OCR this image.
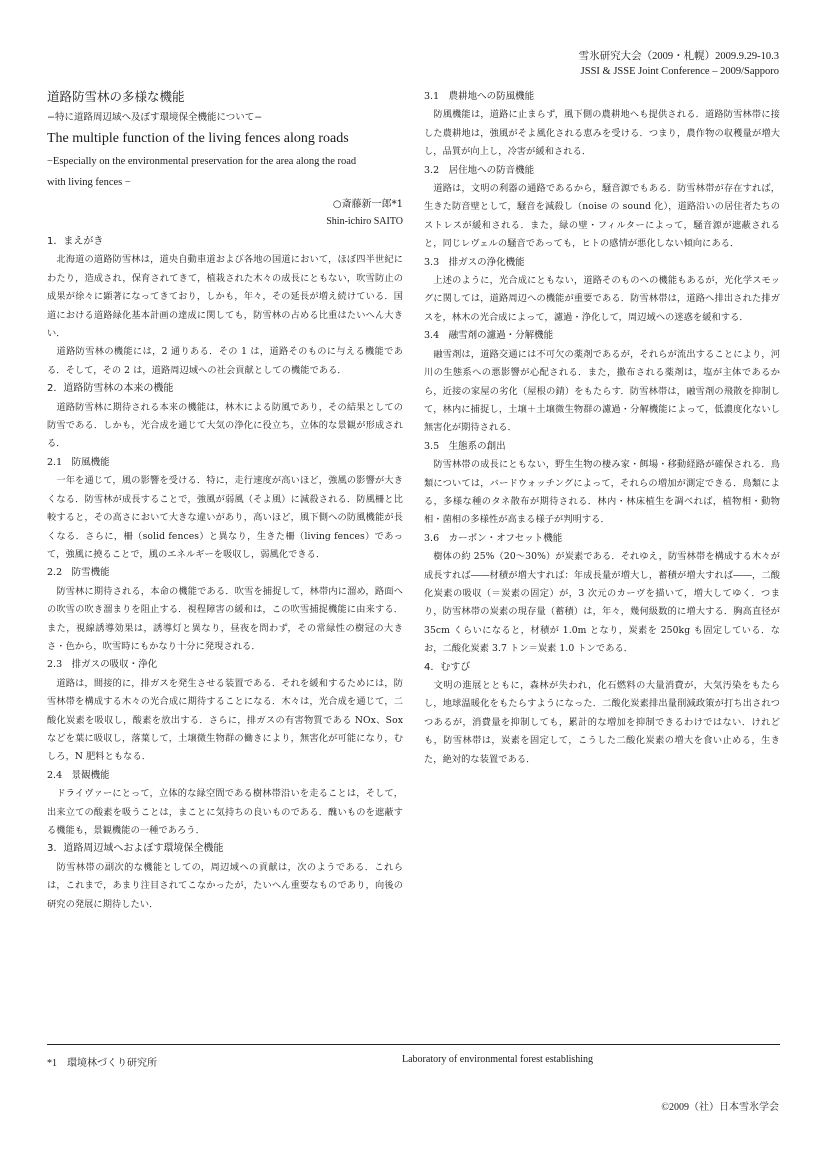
雪氷研究大会（2009・札幌）2009.9.29-10.3
JSSI & JSSE Joint Conference – 2009/Sapporo
道路防雪林の多様な機能
−特に道路周辺域へ及ぼす環境保全機能について−
The multiple function of the living fences along roads
−Especially on the environmental preservation for the area along the road
with living fences −
○斎藤新一郎*1
Shin-ichiro SAITO
1．まえがき

　北海道の道路防雪林は，道央自動車道および各地の国道において，ほぼ四半世紀にわたり，造成され，保育されてきて，植栽された木々の成長にともない，吹雪防止の成果が徐々に顕著になってきており，しかも，年々，その延長が増え続けている．国道における道路緑化基本計画の達成に関しても，防雪林の占める比重はたいへん大きい．

　道路防雪林の機能には，2 通りある．その 1 は，道路そのものに与える機能である．そして，その 2 は，道路周辺域への社会貢献としての機能である．

2．道路防雪林の本来の機能

　道路防雪林に期待される本来の機能は，林木による防風であり，その結果としての防雪である．しかも，光合成を通じて大気の浄化に役立ち，立体的な景観が形成される．

2.1　防風機能

　一年を通じて，風の影響を受ける．特に，走行速度が高いほど，強風の影響が大きくなる．防雪林が成長することで，強風が弱風（そよ風）に減殺される．防風柵と比較すると，その高さにおいて大きな違いがあり，高いほど，風下側への防風機能が長くなる．さらに，柵（solid fences）と異なり，生きた柵（living fences）であって，強風に撓ることで，風のエネルギーを吸収し，弱風化できる．

2.2　防雪機能

　防雪林に期待される，本命の機能である．吹雪を捕捉して，林帯内に溜め，路面への吹雪の吹き溜まりを阻止する．視程障害の緩和は，この吹雪捕捉機能に由来する．また，視線誘導効果は，誘導灯と異なり，昼夜を問わず，その常緑性の樹冠の大きさ・色から，吹雪時にもかなり十分に発現される．

2.3　排ガスの吸収・浄化

　道路は，間接的に，排ガスを発生させる装置である．それを緩和するためには，防雪林帯を構成する木々の光合成に期待することになる．木々は，光合成を通じて，二酸化炭素を吸収し，酸素を放出する．さらに，排ガスの有害物質である NOx、Sox などを葉に吸収し，落葉して，土壌微生物群の働きにより，無害化が可能になり，むしろ，N 肥料ともなる．

2.4　景観機能

　ドライヴァーにとって，立体的な緑空間である樹林帯沿いを走ることは，そして，出来立ての酸素を吸うことは，まことに気持ちの良いものである．醜いものを遮蔽する機能も，景観機能の一種であろう．

3．道路周辺域へおよぼす環境保全機能

　防雪林帯の副次的な機能としての，周辺域への貢献は，次のようである．これらは，これまで，あまり注目されてこなかったが，たいへん重要なものであり，向後の研究の発展に期待したい．

3.1　農耕地への防風機能

　防風機能は，道路に止まらず，風下側の農耕地へも提供される．道路防雪林帯に接した農耕地は，強風がそよ風化される恵みを受ける．つまり，農作物の収穫量が増大し，品質が向上し，冷害が緩和される．

3.2　居住地への防音機能

　道路は，文明の利器の通路であるから，騒音源でもある．防雪林帯が存在すれば，生きた防音壁として，騒音を減殺し（noise の sound 化），道路沿いの居住者たちのストレスが緩和される．また，緑の壁・フィルターによって，騒音源が遮蔽されると，同じレヴェルの騒音であっても，ヒトの感情が悪化しない傾向にある．

3.3　排ガスの浄化機能

　上述のように，光合成にともない，道路そのものへの機能もあるが，光化学スモッグに関しては，道路周辺への機能が重要である．防雪林帯は，道路へ排出された排ガスを，林木の光合成によって，濾過・浄化して，周辺域への迷惑を緩和する．

3.4　融雪剤の濾過・分解機能

　融雪剤は，道路交通には不可欠の薬剤であるが，それらが流出することにより，河川の生態系への悪影響が心配される．また，撒布される薬剤は，塩が主体であるから，近接の家屋の劣化（屋根の錆）をもたらす．防雪林帯は，融雪剤の飛散を抑制して，林内に捕捉し，土壌＋土壌微生物群の濾過・分解機能によって，低濃度化ないし無害化が期待される．

3.5　生態系の創出

　防雪林帯の成長にともない，野生生物の棲み家・餌場・移動経路が確保される．鳥類については，バードウォッチングによって，それらの増加が測定できる．鳥類による，多様な種のタネ散布が期待される．林内・林床植生を調べれば，植物相・動物相・菌相の多様性が高まる様子が判明する．

3.6　カーボン・オフセット機能

　樹体の約 25%（20〜30%）が炭素である．それゆえ，防雪林帯を構成する木々が成長すれば――材積が増大すれば：年成長量が増大し，蓄積が増大すれば――，二酸化炭素の吸収（＝炭素の固定）が，3 次元のカーヴを描いて，増大してゆく．つまり，防雪林帯の炭素の現存量（蓄積）は，年々，幾何級数的に増大する．胸高直径が 35cm くらいになると，材積が 1.0m となり，炭素を 250kg も固定している．なお，二酸化炭素 3.7 トン＝炭素 1.0 トンである．

4．むすび

　文明の進展とともに，森林が失われ，化石燃料の大量消費が，大気汚染をもたらし，地球温暖化をもたらすようになった．二酸化炭素排出量削減政策が打ち出されつつあるが，消費量を抑制しても，累計的な増加を抑制できるわけではない．けれども，防雪林帯は，炭素を固定して，こうした二酸化炭素の増大を食い止める，生きた，絶対的な装置である．

*1　環境林づくり研究所	Laboratory of environmental forest establishing
©2009（社）日本雪氷学会
